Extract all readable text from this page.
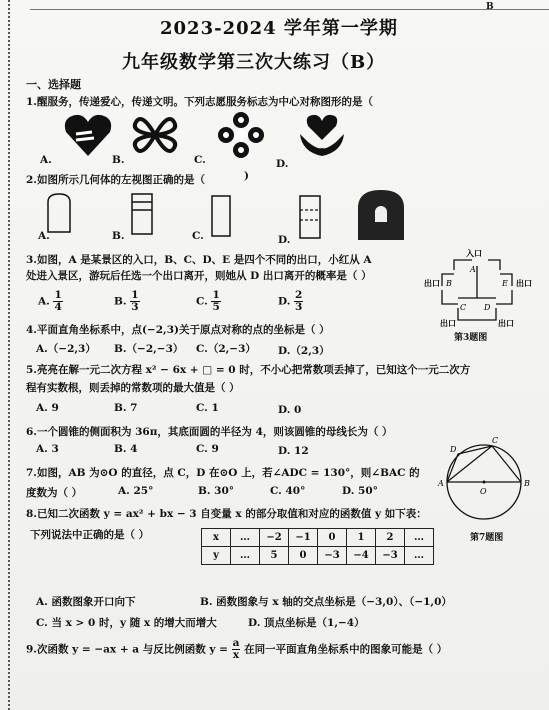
B
2023-2024 学年第一学期
九年级数学第三次大练习（B）
一、选择题
1.醒服务，传递爱心，传递文明。下列志愿服务标志为中心对称图形的是（
A.	B.	C.	D.
2.如图所示几何体的左视图正确的是（	)
A.	B.	C.	D.
3.如图，A 是某景区的入口，B、C、D、E 是四个不同的出口，小红从 A
处进入景区，游玩后任选一个出口离开，则她从 D 出口离开的概率是（ ）
A. $\frac{1}{4}$	B. $\frac{1}{3}$	C. $\frac{1}{5}$	D. $\frac{2}{3}$
入口
A
B	E
C D
出口	出口
出口	出口
第3题图
4.平面直角坐标系中，点(−2,3)关于原点对称的点的坐标是（ ）
A.（−2,3） B.（−2,−3） C.（2,−3） D.（2,3）
5.亮亮在解一元二次方程 x² − 6x + □ = 0 时，不小心把常数项丢掉了，已知这个一元二次方
程有实数根，则丢掉的常数项的最大值是（ ）
A. 9	B. 7	C. 1	D. 0
6.一个圆锥的侧面积为 36π，其底面圆的半径为 4，则该圆锥的母线长为（ ）
A. 3	B. 4	C. 9	D. 12
7.如图，AB 为⊙O 的直径，点 C，D 在⊙O 上，若∠ADC = 130°，则∠BAC 的
度数为（ ）	A. 25°	B. 30°	C. 40°	D. 50°
A	B
C
D
O
第7题图
8.已知二次函数 y = ax² + bx − 3 自变量 x 的部分取值和对应的函数值 y 如下表：
下列说法中正确的是（ ）	x	…	−2	−1	0	1	2	…
y	…	5	0	−3	−4	−3	…
A. 函数图象开口向下	B. 函数图象与 x 轴的交点坐标是（−3,0）、（−1,0）
C. 当 x > 0 时，y 随 x 的增大而增大	D. 顶点坐标是（1,−4）
9.次函数 y = −ax + a 与反比例函数 $y = \frac{a}{x}$ 在同一平面直角坐标系中的图象可能是（ ）
